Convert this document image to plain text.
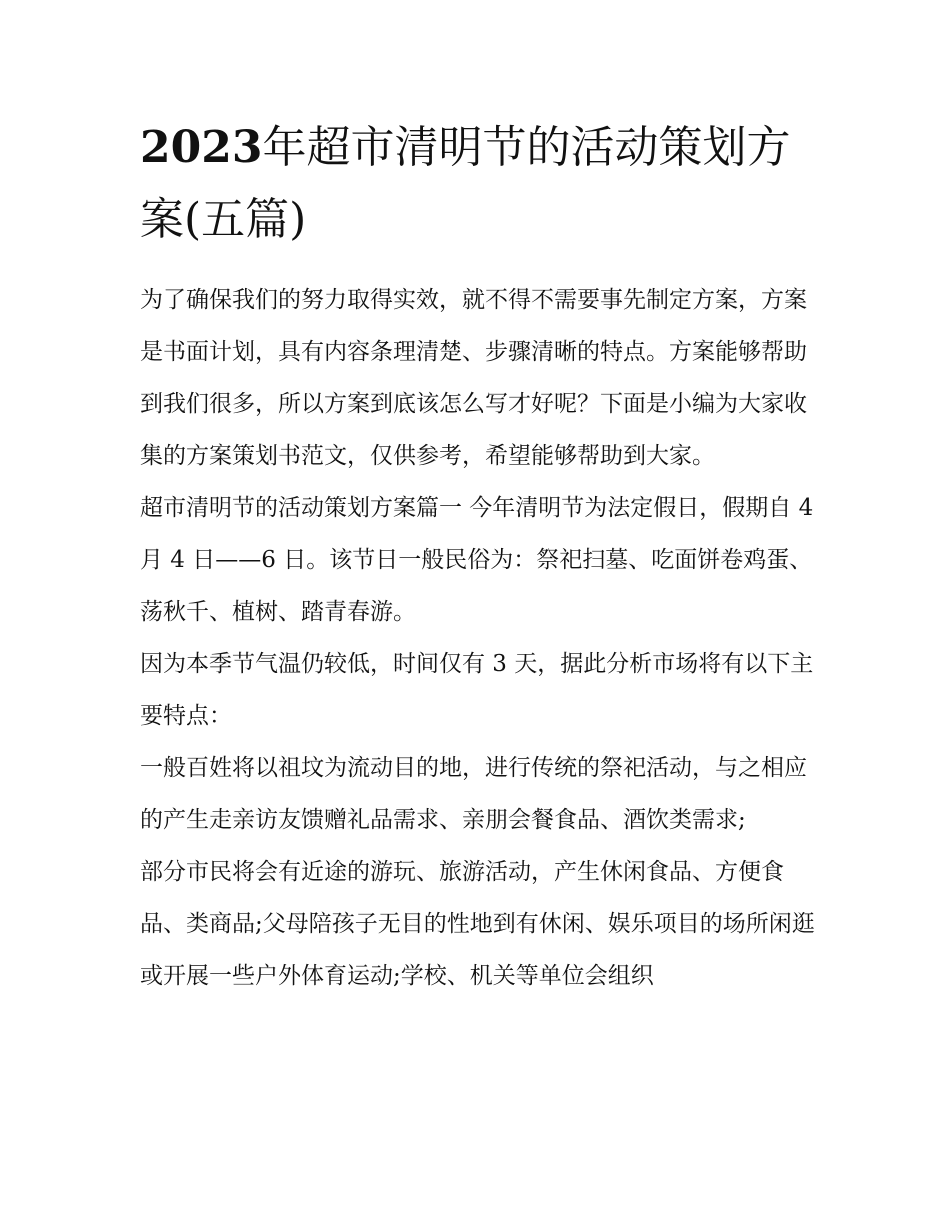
2023年超市清明节的活动策划方案(五篇)

为了确保我们的努力取得实效，就不得不需要事先制定方案，方案是书面计划，具有内容条理清楚、步骤清晰的特点。方案能够帮助到我们很多，所以方案到底该怎么写才好呢？下面是小编为大家收集的方案策划书范文，仅供参考，希望能够帮助到大家。

超市清明节的活动策划方案篇一 今年清明节为法定假日，假期自 4 月 4 日——6 日。该节日一般民俗为：祭祀扫墓、吃面饼卷鸡蛋、荡秋千、植树、踏青春游。

因为本季节气温仍较低，时间仅有 3 天，据此分析市场将有以下主要特点：

一般百姓将以祖坟为流动目的地，进行传统的祭祀活动，与之相应的产生走亲访友馈赠礼品需求、亲朋会餐食品、酒饮类需求;

部分市民将会有近途的游玩、旅游活动，产生休闲食品、方便食品、类商品;父母陪孩子无目的性地到有休闲、娱乐项目的场所闲逛或开展一些户外体育运动;学校、机关等单位会组织
